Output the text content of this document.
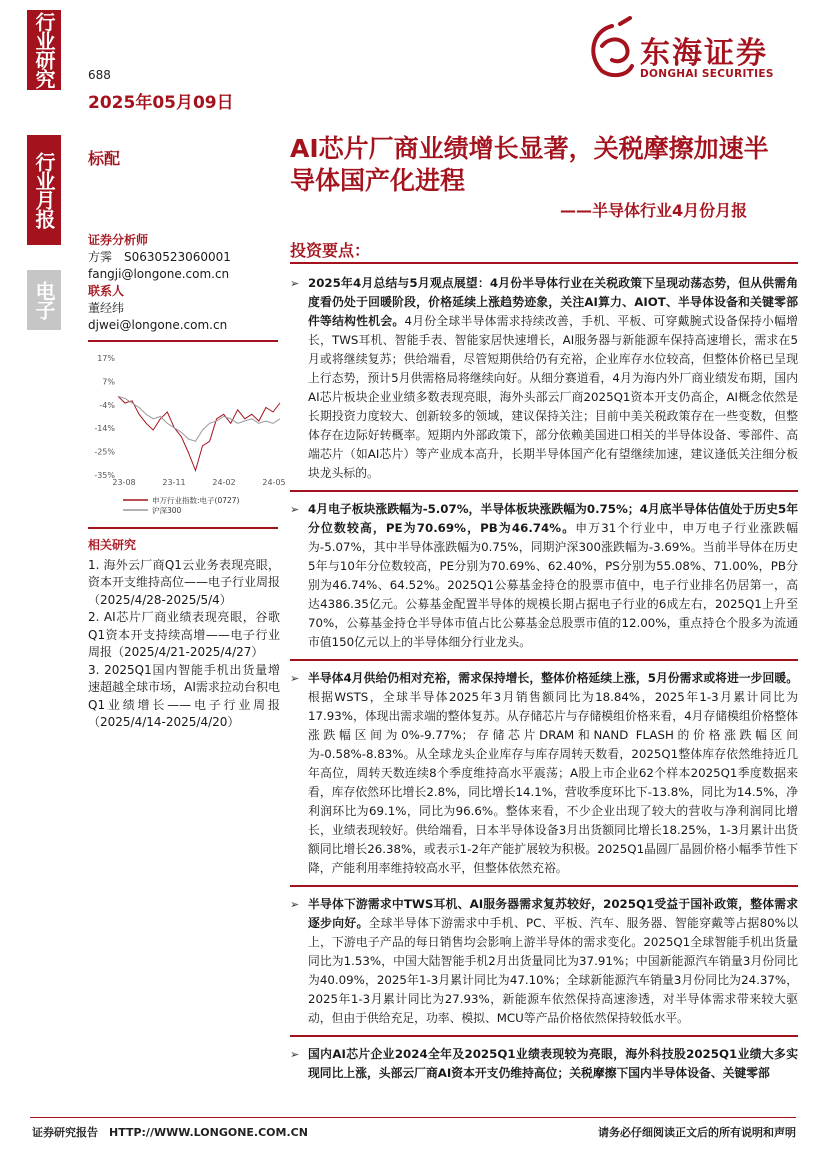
行业研究
行业月报
电子
688
2025年05月09日
东海证券
DONGHAI SECURITIES
标配	AI芯片厂商业绩增长显著，关税摩擦加速半导体国产化进程
——半导体行业4月份月报
投资要点：
证券分析师
方霁　 S0630523060001
fangji@longone.com.cn
联系人
董经纬
djwei@longone.com.cn
17%
7%
-4%
-14%
-25%
-35%
23-08	23-11	24-02	24-05
申万行业指数:电子(0727)
沪深300
相关研究

1. 海外云厂商Q1云业务表现亮眼，资本开支维持高位——电子行业周报（2025/4/28-2025/5/4）

2. AI芯片厂商业绩表现亮眼，谷歌Q1资本开支持续高增——电子行业周报（2025/4/21-2025/4/27）

3. 2025Q1国内智能手机出货量增速超越全球市场，AI需求拉动台积电Q1业绩增长——电子行业周报（2025/4/14-2025/4/20）

➢ 2025年4月总结与5月观点展望：4月份半导体行业在关税政策下呈现动荡态势，但从供需角度看仍处于回暖阶段，价格延续上涨趋势迹象，关注AI算力、AIOT、半导体设备和关键零部件等结构性机会。4月份全球半导体需求持续改善，手机、平板、可穿戴腕式设备保持小幅增长，TWS耳机、智能手表、智能家居快速增长，AI服务器与新能源车保持高速增长，需求在5月或将继续复苏；供给端看，尽管短期供给仍有充裕，企业库存水位较高，但整体价格已呈现上行态势，预计5月供需格局将继续向好。从细分赛道看，4月为海内外厂商业绩发布期，国内AI芯片板块企业业绩多数表现亮眼，海外头部云厂商2025Q1资本开支仍高企，AI概念依然是长期投资力度较大、创新较多的领域，建议保持关注；目前中美关税政策存在一些变数，但整体存在边际好转概率。短期内外部政策下，部分依赖美国进口相关的半导体设备、零部件、高端芯片（如AI芯片）等产业成本高升，长期半导体国产化有望继续加速，建议逢低关注细分板块龙头标的。
➢ 4月电子板块涨跌幅为-5.07%，半导体板块涨跌幅为0.75%；4月底半导体估值处于历史5年分位数较高，PE为70.69%，PB为46.74%。申万31个行业中，申万电子行业涨跌幅为-5.07%，其中半导体涨跌幅为0.75%，同期沪深300涨跌幅为-3.69%。当前半导体在历史5年与10年分位数较高，PE分别为70.69%、62.40%，PS分别为55.08%、71.00%，PB分别为46.74%、64.52%。2025Q1公募基金持仓的股票市值中，电子行业排名仍居第一，高达4386.35亿元。公募基金配置半导体的规模长期占据电子行业的6成左右，2025Q1上升至70%，公募基金持仓半导体市值占比公募基金总股票市值的12.00%，重点持仓个股多为流通市值150亿元以上的半导体细分行业龙头。
➢ 半导体4月供给仍相对充裕，需求保持增长，整体价格延续上涨，5月份需求或将进一步回暖。根据WSTS，全球半导体2025年3月销售额同比为18.84%，2025年1-3月累计同比为17.93%，体现出需求端的整体复苏。从存储芯片与存储模组价格来看，4月存储模组价格整体涨跌幅区间为0%-9.77%；存储芯片DRAM和NAND FLASH的价格涨跌幅区间为-0.58%-8.83%。从全球龙头企业库存与库存周转天数看，2025Q1整体库存依然维持近几年高位，周转天数连续8个季度维持高水平震荡；A股上市企业62个样本2025Q1季度数据来看，库存依然环比增长2.8%，同比增长14.1%，营收季度环比下-13.8%，同比为14.5%，净利润环比为69.1%，同比为96.6%。整体来看，不少企业出现了较大的营收与净利润同比增长，业绩表现较好。供给端看，日本半导体设备3月出货额同比增长18.25%，1-3月累计出货额同比增长26.38%，或表示1-2年产能扩展较为积极。2025Q1晶圆厂晶圆价格小幅季节性下降，产能利用率维持较高水平，但整体依然充裕。
➢ 半导体下游需求中TWS耳机、AI服务器需求复苏较好，2025Q1受益于国补政策，整体需求逐步向好。全球半导体下游需求中手机、PC、平板、汽车、服务器、智能穿戴等占据80%以上，下游电子产品的每日销售均会影响上游半导体的需求变化。2025Q1全球智能手机出货量同比为1.53%，中国大陆智能手机2月出货量同比为37.91%；中国新能源汽车销量3月份同比为40.09%，2025年1-3月累计同比为47.10%；全球新能源汽车销量3月份同比为24.37%，2025年1-3月累计同比为27.93%，新能源车依然保持高速渗透，对半导体需求带来较大驱动，但由于供给充足，功率、模拟、MCU等产品价格依然保持较低水平。
➢ 国内AI芯片企业2024全年及2025Q1业绩表现较为亮眼，海外科技股2025Q1业绩大多实现同比上涨，头部云厂商AI资本开支仍维持高位；关税摩擦下国内半导体设备、关键零部
证券研究报告　HTTP://WWW.LONGONE.COM.CN	请务必仔细阅读正文后的所有说明和声明
